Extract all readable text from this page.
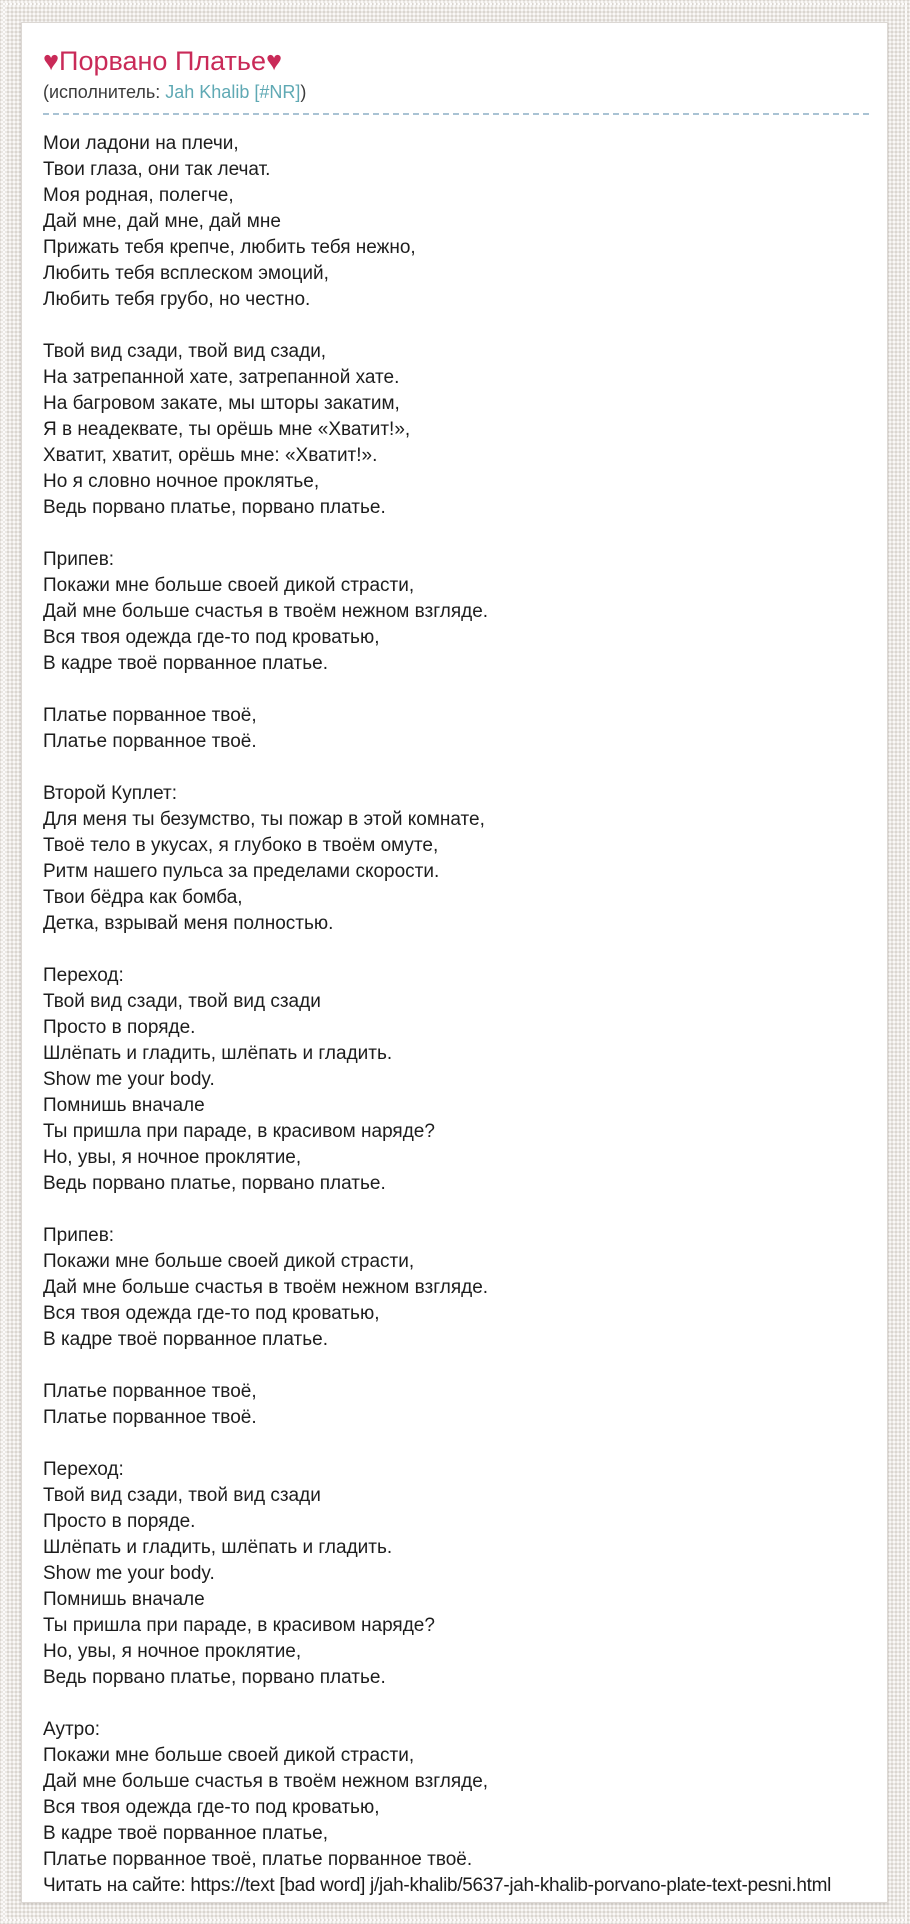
♥Порвано Платье♥
(исполнитель: Jah Khalib [#NR])

Мои ладони на плечи,
Твои глаза, они так лечат.
Моя родная, полегче,
Дай мне, дай мне, дай мне
Прижать тебя крепче, любить тебя нежно,
Любить тебя всплеском эмоций,
Любить тебя грубо, но честно.

Твой вид сзади, твой вид сзади,
На затрепанной хате, затрепанной хате.
На багровом закате, мы шторы закатим,
Я в неадеквате, ты орёшь мне «Хватит!»,
Хватит, хватит, орёшь мне: «Хватит!».
Но я словно ночное проклятье,
Ведь порвано платье, порвано платье.

Припев:
Покажи мне больше своей дикой страсти,
Дай мне больше счастья в твоём нежном взгляде.
Вся твоя одежда где-то под кроватью,
В кадре твоё порванное платье.

Платье порванное твоё,
Платье порванное твоё.

Второй Куплет:
Для меня ты безумство, ты пожар в этой комнате,
Твоё тело в укусах, я глубоко в твоём омуте,
Ритм нашего пульса за пределами скорости.
Твои бёдра как бомба,
Детка, взрывай меня полностью.

Переход:
Твой вид сзади, твой вид сзади
Просто в поряде.
Шлёпать и гладить, шлёпать и гладить.
Show me your body.
Помнишь вначале
Ты пришла при параде, в красивом наряде?
Но, увы, я ночное проклятие,
Ведь порвано платье, порвано платье.

Припев:
Покажи мне больше своей дикой страсти,
Дай мне больше счастья в твоём нежном взгляде.
Вся твоя одежда где-то под кроватью,
В кадре твоё порванное платье.

Платье порванное твоё,
Платье порванное твоё.

Переход:
Твой вид сзади, твой вид сзади
Просто в поряде.
Шлёпать и гладить, шлёпать и гладить.
Show me your body.
Помнишь вначале
Ты пришла при параде, в красивом наряде?
Но, увы, я ночное проклятие,
Ведь порвано платье, порвано платье.

Аутро:
Покажи мне больше своей дикой страсти,
Дай мне больше счастья в твоём нежном взгляде,
Вся твоя одежда где-то под кроватью,
В кадре твоё порванное платье,
Платье порванное твоё, платье порванное твоё.

Читать на сайте: https://text [bad word] j/jah-khalib/5637-jah-khalib-porvano-plate-text-pesni.html
